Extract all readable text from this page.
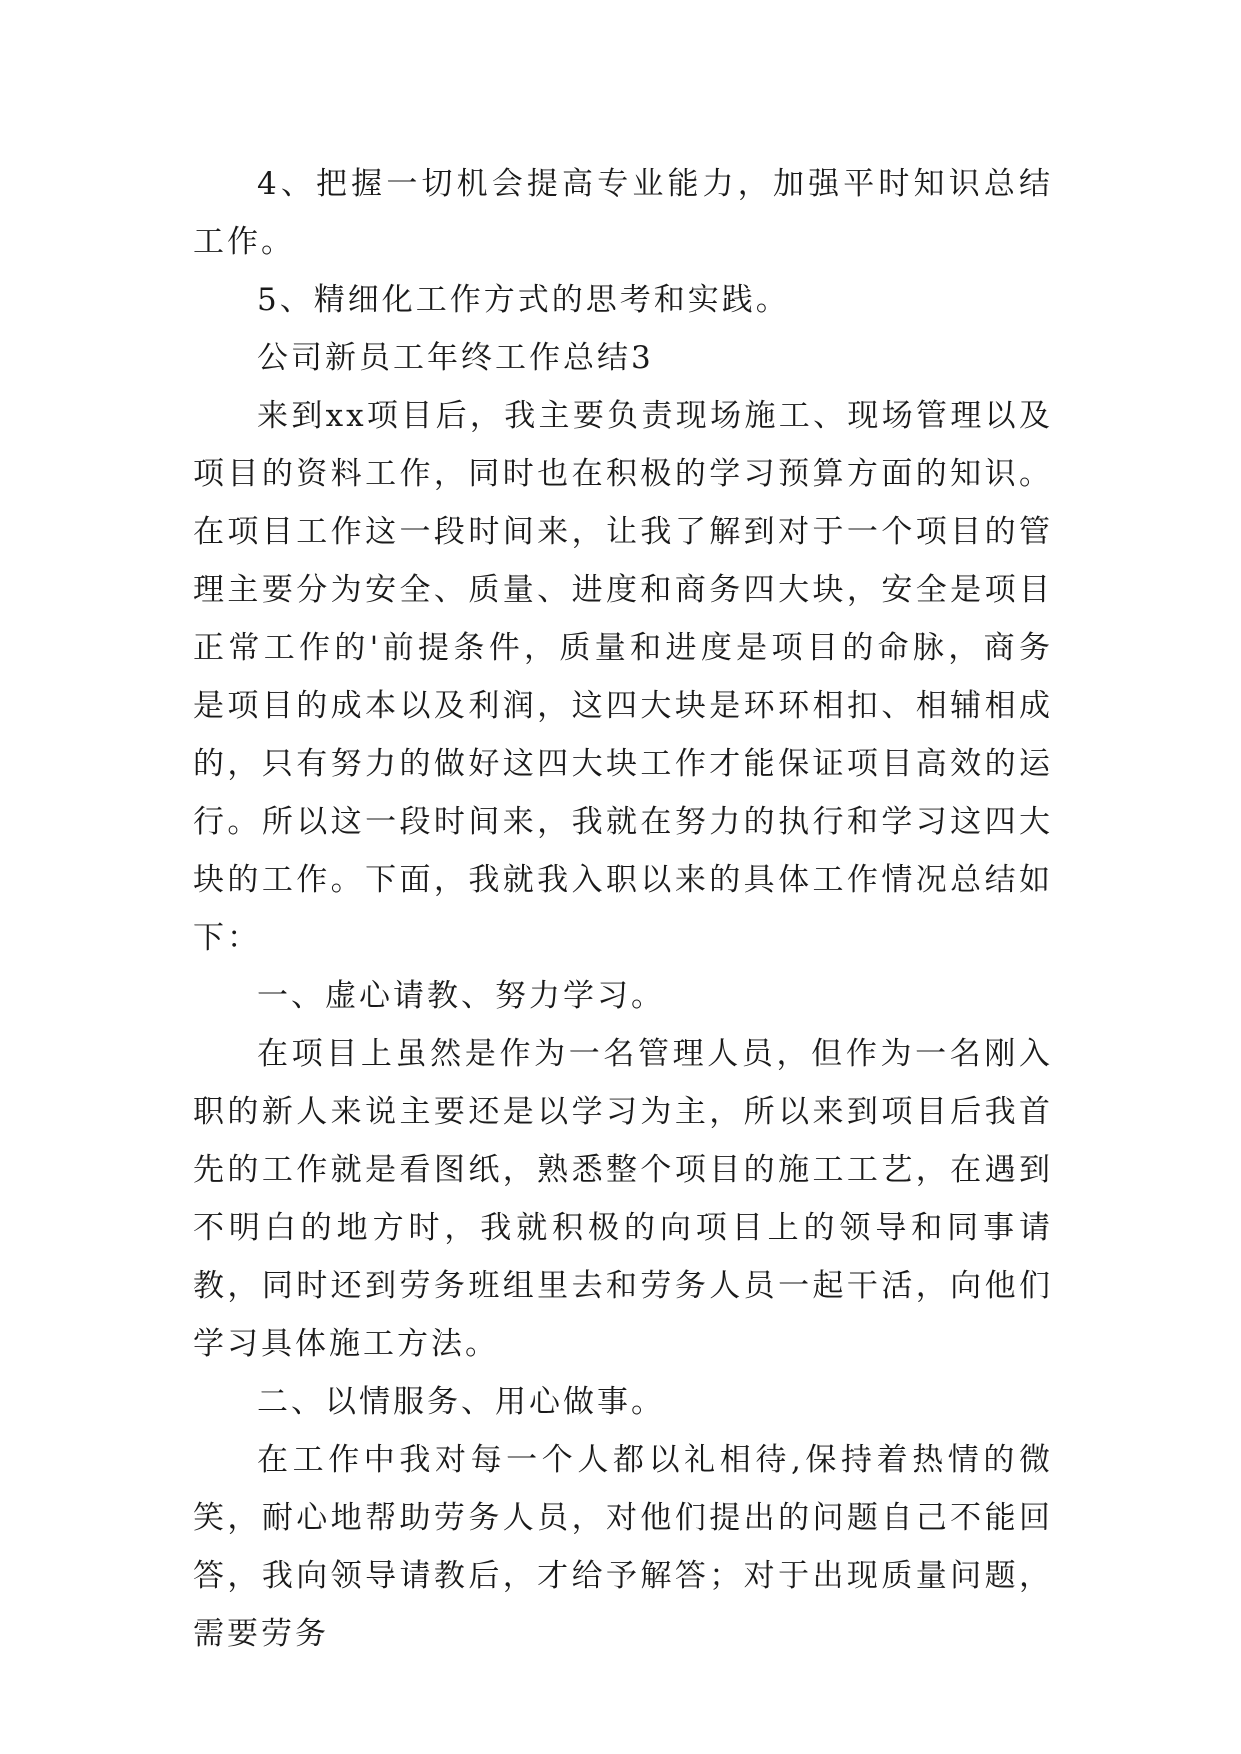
4、把握一切机会提高专业能力，加强平时知识总结工作。

5、精细化工作方式的思考和实践。

公司新员工年终工作总结3

来到xx项目后，我主要负责现场施工、现场管理以及项目的资料工作，同时也在积极的学习预算方面的知识。在项目工作这一段时间来，让我了解到对于一个项目的管理主要分为安全、质量、进度和商务四大块，安全是项目正常工作的'前提条件，质量和进度是项目的命脉，商务是项目的成本以及利润，这四大块是环环相扣、相辅相成的，只有努力的做好这四大块工作才能保证项目高效的运行。所以这一段时间来，我就在努力的执行和学习这四大块的工作。下面，我就我入职以来的具体工作情况总结如下：

一、虚心请教、努力学习。

在项目上虽然是作为一名管理人员，但作为一名刚入职的新人来说主要还是以学习为主，所以来到项目后我首先的工作就是看图纸，熟悉整个项目的施工工艺，在遇到不明白的地方时，我就积极的向项目上的领导和同事请教，同时还到劳务班组里去和劳务人员一起干活，向他们学习具体施工方法。

二、以情服务、用心做事。

在工作中我对每一个人都以礼相待,保持着热情的微笑，耐心地帮助劳务人员，对他们提出的问题自己不能回答，我向领导请教后，才给予解答；对于出现质量问题，需要劳务
